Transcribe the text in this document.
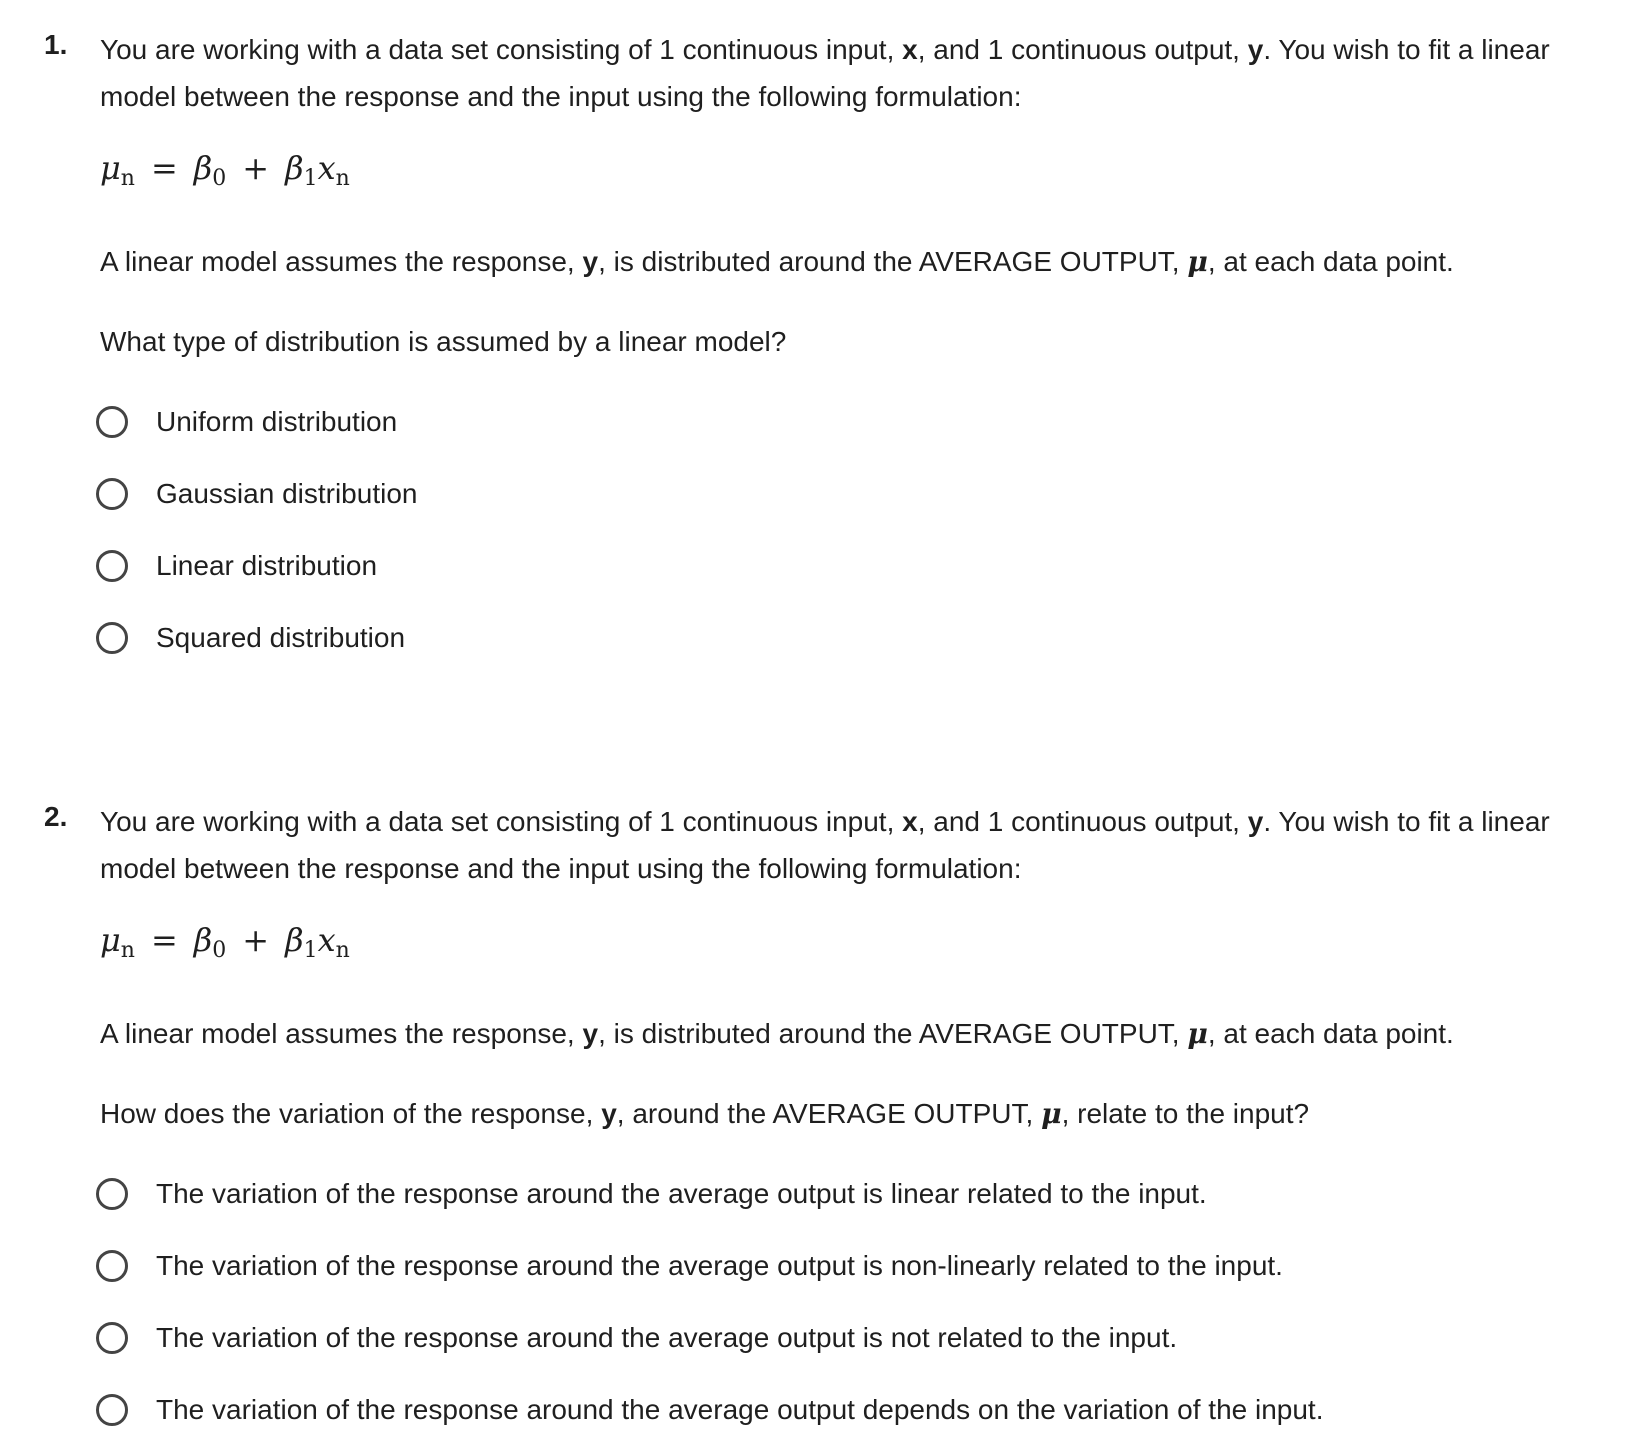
1. You are working with a data set consisting of 1 continuous input, x, and 1 continuous output, y. You wish to fit a linear model between the response and the input using the following formulation:
$\mu_n = \beta_0 + \beta_1x_n$
A linear model assumes the response, y, is distributed around the AVERAGE OUTPUT, μ, at each data point.
What type of distribution is assumed by a linear model?
Uniform distribution
Gaussian distribution
Linear distribution
Squared distribution
2. You are working with a data set consisting of 1 continuous input, x, and 1 continuous output, y. You wish to fit a linear model between the response and the input using the following formulation:
$\mu_n = \beta_0 + \beta_1x_n$
A linear model assumes the response, y, is distributed around the AVERAGE OUTPUT, μ, at each data point.
How does the variation of the response, y, around the AVERAGE OUTPUT, μ, relate to the input?
The variation of the response around the average output is linear related to the input.
The variation of the response around the average output is non-linearly related to the input.
The variation of the response around the average output is not related to the input.
The variation of the response around the average output depends on the variation of the input.
